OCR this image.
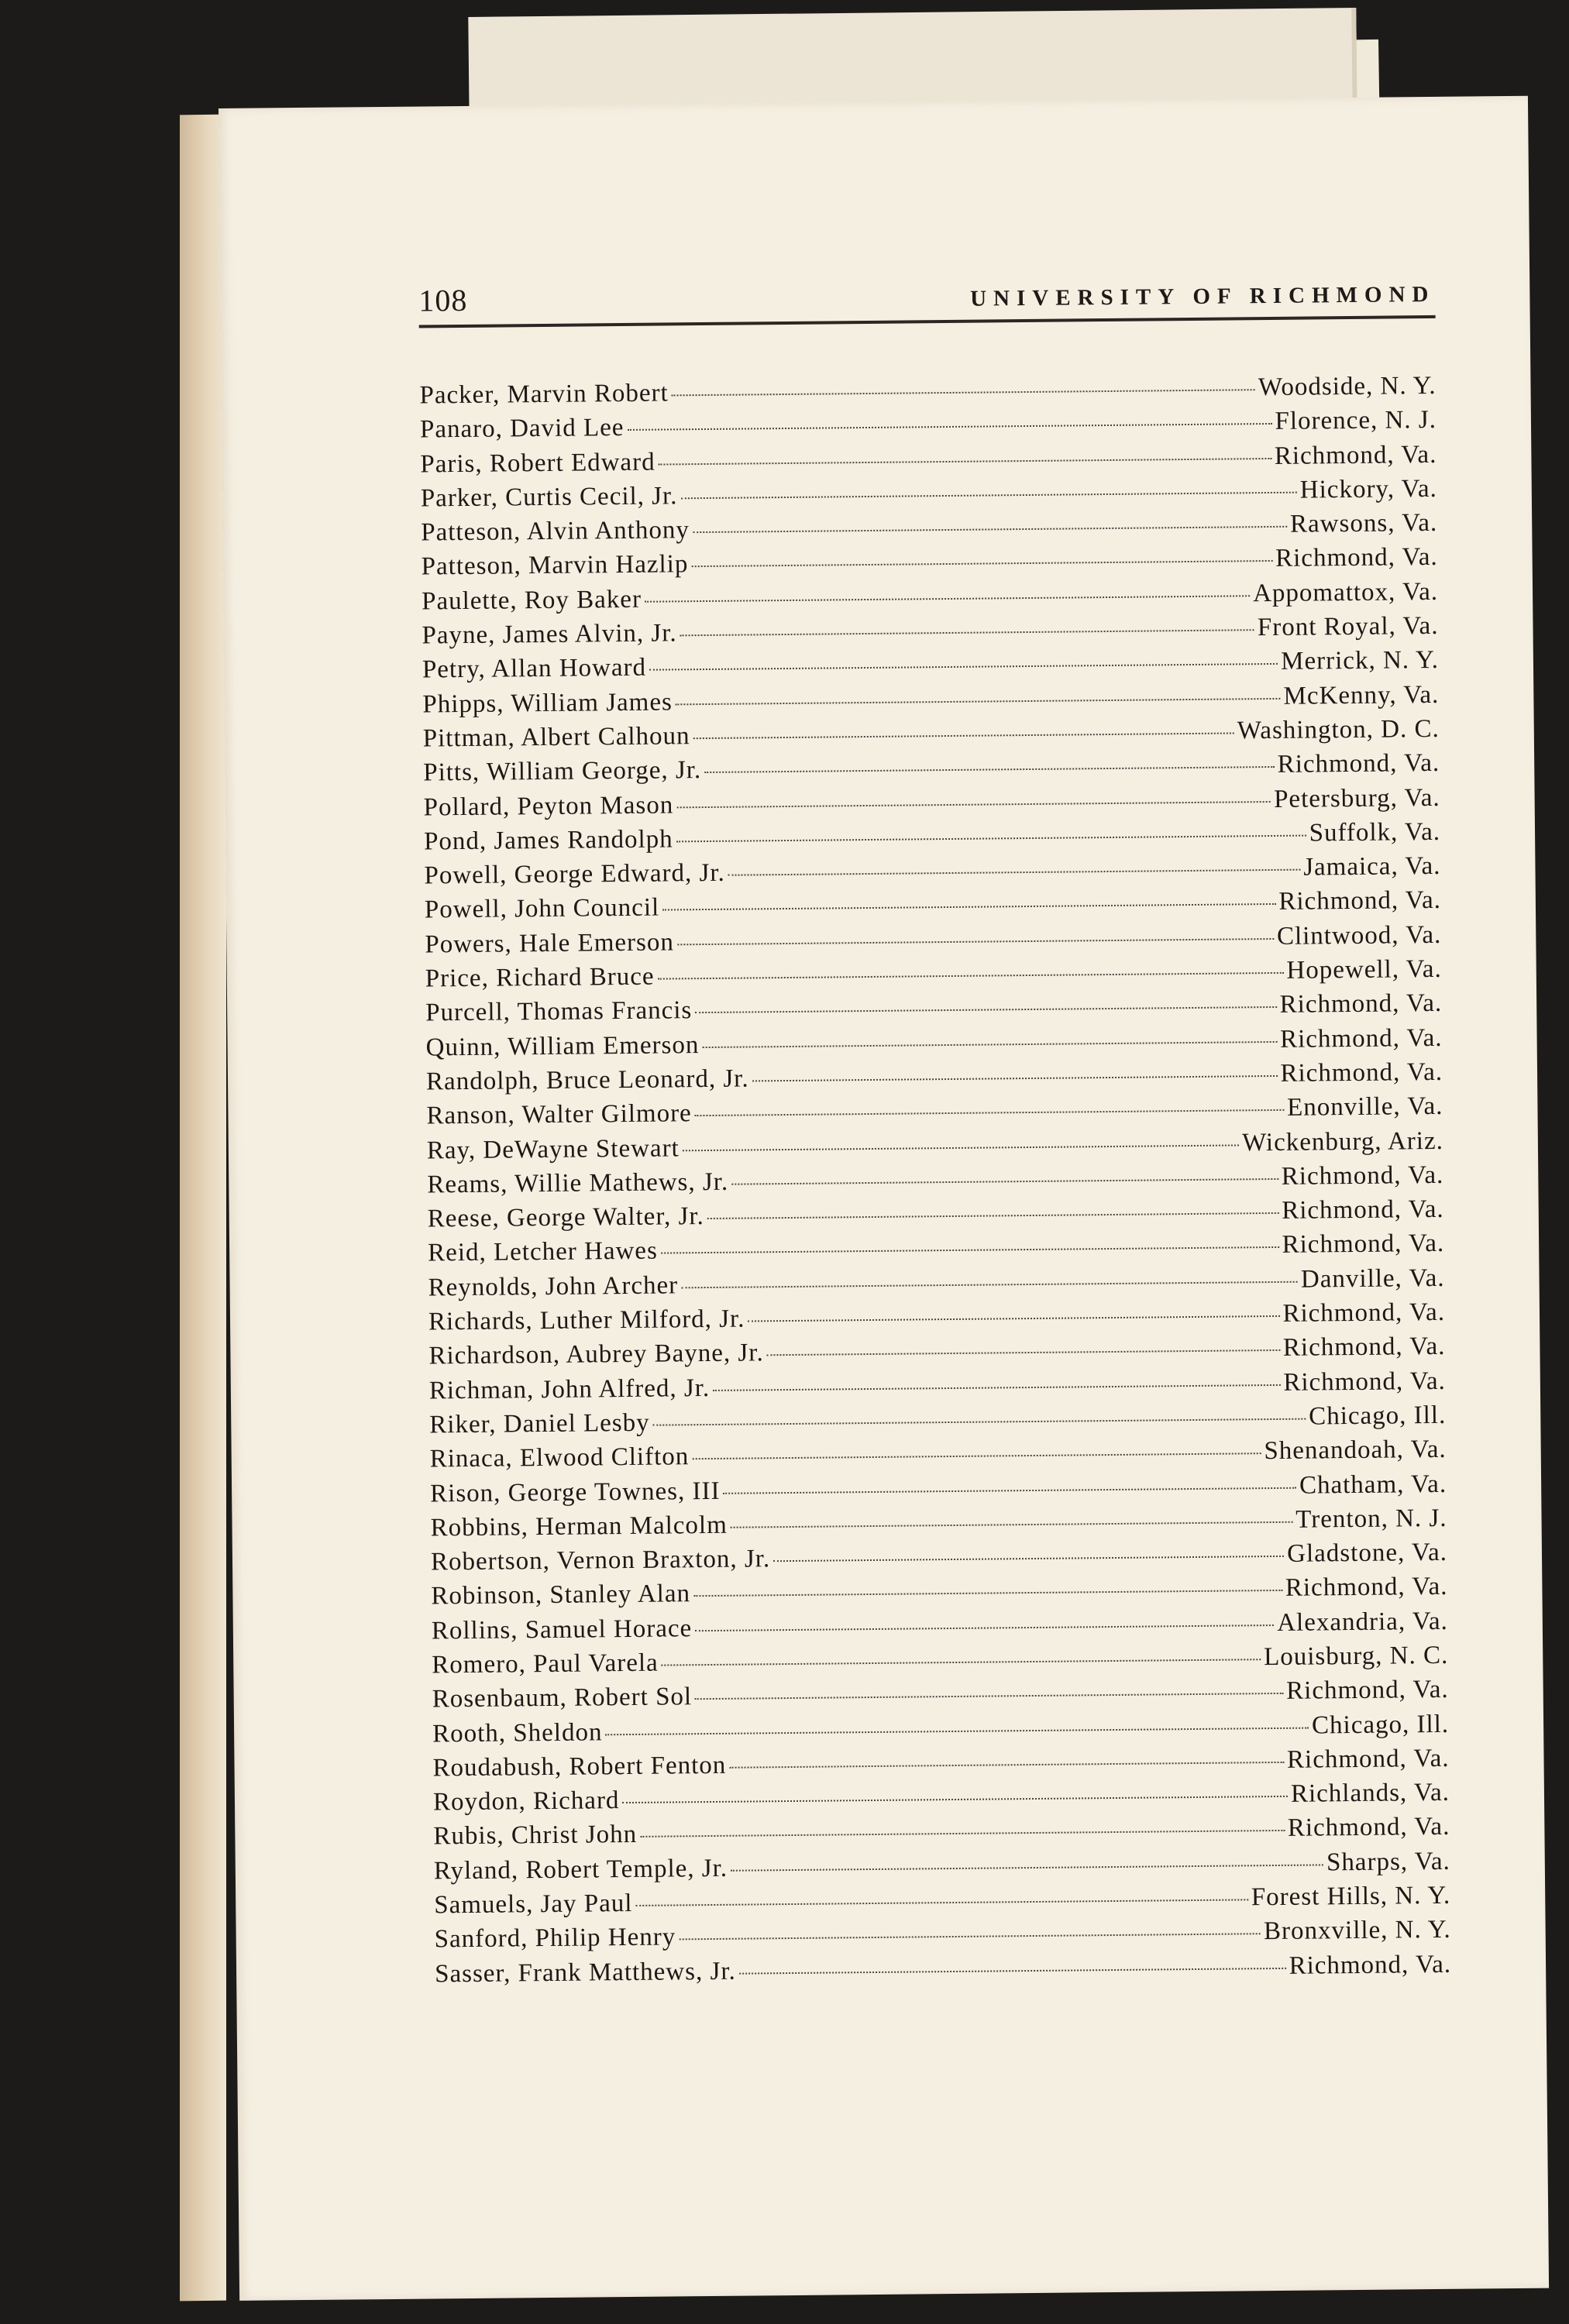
108	UNIVERSITY OF RICHMOND
Packer, Marvin Robert	Woodside, N. Y.
Panaro, David Lee	Florence, N. J.
Paris, Robert Edward	Richmond, Va.
Parker, Curtis Cecil, Jr.	Hickory, Va.
Patteson, Alvin Anthony	Rawsons, Va.
Patteson, Marvin Hazlip	Richmond, Va.
Paulette, Roy Baker	Appomattox, Va.
Payne, James Alvin, Jr.	Front Royal, Va.
Petry, Allan Howard	Merrick, N. Y.
Phipps, William James	McKenny, Va.
Pittman, Albert Calhoun	Washington, D. C.
Pitts, William George, Jr.	Richmond, Va.
Pollard, Peyton Mason	Petersburg, Va.
Pond, James Randolph	Suffolk, Va.
Powell, George Edward, Jr.	Jamaica, Va.
Powell, John Council	Richmond, Va.
Powers, Hale Emerson	Clintwood, Va.
Price, Richard Bruce	Hopewell, Va.
Purcell, Thomas Francis	Richmond, Va.
Quinn, William Emerson	Richmond, Va.
Randolph, Bruce Leonard, Jr.	Richmond, Va.
Ranson, Walter Gilmore	Enonville, Va.
Ray, DeWayne Stewart	Wickenburg, Ariz.
Reams, Willie Mathews, Jr.	Richmond, Va.
Reese, George Walter, Jr.	Richmond, Va.
Reid, Letcher Hawes	Richmond, Va.
Reynolds, John Archer	Danville, Va.
Richards, Luther Milford, Jr.	Richmond, Va.
Richardson, Aubrey Bayne, Jr.	Richmond, Va.
Richman, John Alfred, Jr.	Richmond, Va.
Riker, Daniel Lesby	Chicago, Ill.
Rinaca, Elwood Clifton	Shenandoah, Va.
Rison, George Townes, III	Chatham, Va.
Robbins, Herman Malcolm	Trenton, N. J.
Robertson, Vernon Braxton, Jr.	Gladstone, Va.
Robinson, Stanley Alan	Richmond, Va.
Rollins, Samuel Horace	Alexandria, Va.
Romero, Paul Varela	Louisburg, N. C.
Rosenbaum, Robert Sol	Richmond, Va.
Rooth, Sheldon	Chicago, Ill.
Roudabush, Robert Fenton	Richmond, Va.
Roydon, Richard	Richlands, Va.
Rubis, Christ John	Richmond, Va.
Ryland, Robert Temple, Jr.	Sharps, Va.
Samuels, Jay Paul	Forest Hills, N. Y.
Sanford, Philip Henry	Bronxville, N. Y.
Sasser, Frank Matthews, Jr.	Richmond, Va.
